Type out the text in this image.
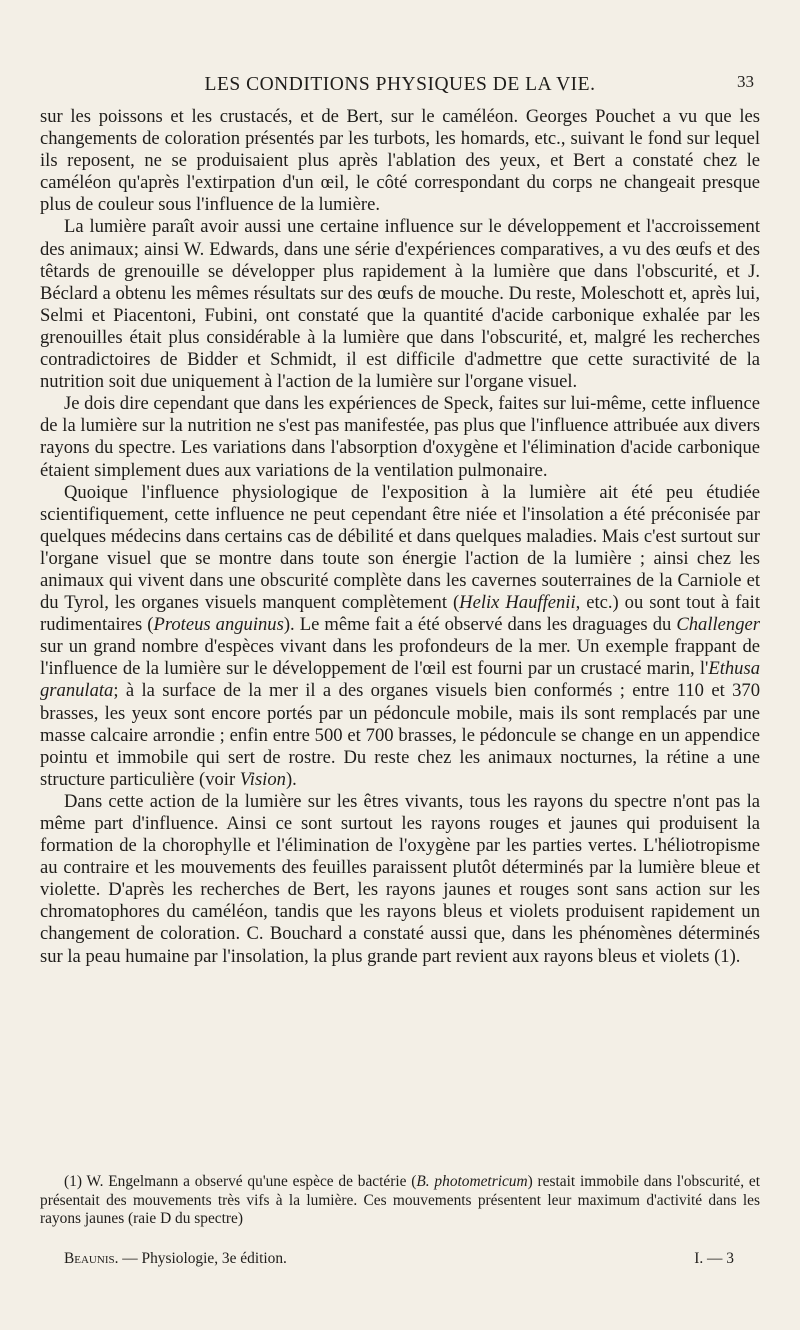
LES CONDITIONS PHYSIQUES DE LA VIE.	33

sur les poissons et les crustacés, et de Bert, sur le caméléon. Georges Pouchet a vu que les changements de coloration présentés par les turbots, les homards, etc., suivant le fond sur lequel ils reposent, ne se produisaient plus après l'ablation des yeux, et Bert a constaté chez le caméléon qu'après l'extirpation d'un œil, le côté correspondant du corps ne changeait presque plus de couleur sous l'influence de la lumière.

La lumière paraît avoir aussi une certaine influence sur le développement et l'accroissement des animaux; ainsi W. Edwards, dans une série d'expériences comparatives, a vu des œufs et des têtards de grenouille se développer plus rapidement à la lumière que dans l'obscurité, et J. Béclard a obtenu les mêmes résultats sur des œufs de mouche. Du reste, Moleschott et, après lui, Selmi et Piacentoni, Fubini, ont constaté que la quantité d'acide carbonique exhalée par les grenouilles était plus considérable à la lumière que dans l'obscurité, et, malgré les recherches contradictoires de Bidder et Schmidt, il est difficile d'admettre que cette suractivité de la nutrition soit due uniquement à l'action de la lumière sur l'organe visuel.

Je dois dire cependant que dans les expériences de Speck, faites sur lui-même, cette influence de la lumière sur la nutrition ne s'est pas manifestée, pas plus que l'influence attribuée aux divers rayons du spectre. Les variations dans l'absorption d'oxygène et l'élimination d'acide carbonique étaient simplement dues aux variations de la ventilation pulmonaire.

Quoique l'influence physiologique de l'exposition à la lumière ait été peu étudiée scientifiquement, cette influence ne peut cependant être niée et l'insolation a été préconisée par quelques médecins dans certains cas de débilité et dans quelques maladies. Mais c'est surtout sur l'organe visuel que se montre dans toute son énergie l'action de la lumière ; ainsi chez les animaux qui vivent dans une obscurité complète dans les cavernes souterraines de la Carniole et du Tyrol, les organes visuels manquent complètement (Helix Hauffenii, etc.) ou sont tout à fait rudimentaires (Proteus anguinus). Le même fait a été observé dans les draguages du Challenger sur un grand nombre d'espèces vivant dans les profondeurs de la mer. Un exemple frappant de l'influence de la lumière sur le développement de l'œil est fourni par un crustacé marin, l'Ethusa granulata; à la surface de la mer il a des organes visuels bien conformés ; entre 110 et 370 brasses, les yeux sont encore portés par un pédoncule mobile, mais ils sont remplacés par une masse calcaire arrondie ; enfin entre 500 et 700 brasses, le pédoncule se change en un appendice pointu et immobile qui sert de rostre. Du reste chez les animaux nocturnes, la rétine a une structure particulière (voir Vision).

Dans cette action de la lumière sur les êtres vivants, tous les rayons du spectre n'ont pas la même part d'influence. Ainsi ce sont surtout les rayons rouges et jaunes qui produisent la formation de la chorophylle et l'élimination de l'oxygène par les parties vertes. L'héliotropisme au contraire et les mouvements des feuilles paraissent plutôt déterminés par la lumière bleue et violette. D'après les recherches de Bert, les rayons jaunes et rouges sont sans action sur les chromatophores du caméléon, tandis que les rayons bleus et violets produisent rapidement un changement de coloration. C. Bouchard a constaté aussi que, dans les phénomènes déterminés sur la peau humaine par l'insolation, la plus grande part revient aux rayons bleus et violets (1).

(1) W. Engelmann a observé qu'une espèce de bactérie (B. photometricum) restait immobile dans l'obscurité, et présentait des mouvements très vifs à la lumière. Ces mouvements présentent leur maximum d'activité dans les rayons jaunes (raie D du spectre)

Beaunis. — Physiologie, 3e édition.	I. — 3
